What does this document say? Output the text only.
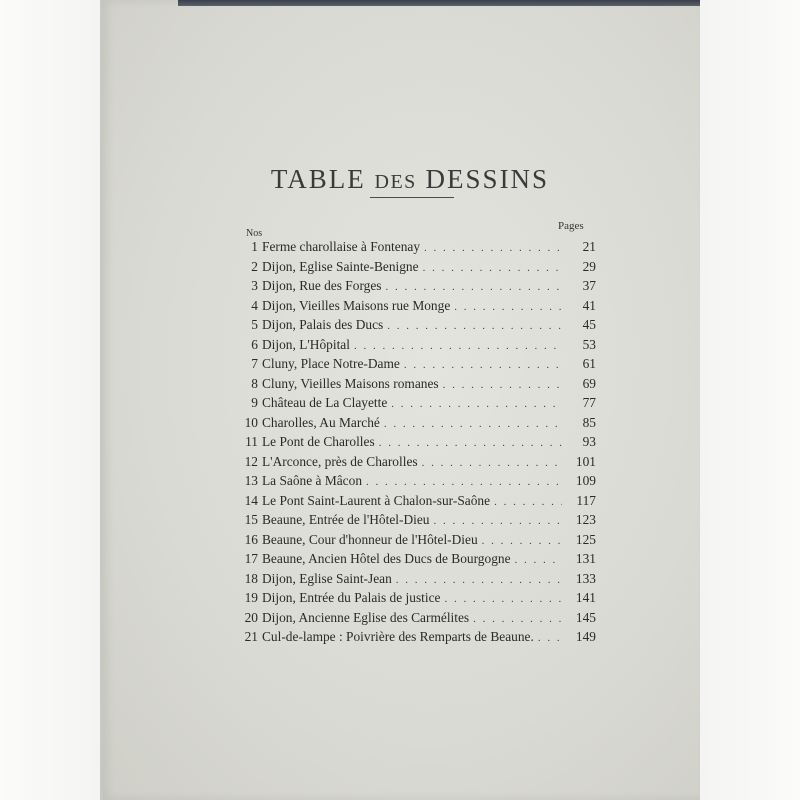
TABLE DES DESSINS
Nos
Pages
1 Ferme charollaise à Fontenay . . .	21
2 Dijon, Eglise Sainte-Benigne . . .	29
3 Dijon, Rue des Forges . . .	37
4 Dijon, Vieilles Maisons rue Monge . . .	41
5 Dijon, Palais des Ducs . . .	45
6 Dijon, L'Hôpital . . .	53
7 Cluny, Place Notre-Dame . . .	61
8 Cluny, Vieilles Maisons romanes . . .	69
9 Château de La Clayette . . .	77
10 Charolles, Au Marché . . .	85
11 Le Pont de Charolles . . .	93
12 L'Arconce, près de Charolles . . .	101
13 La Saône à Mâcon . . .	109
14 Le Pont Saint-Laurent à Chalon-sur-Saône . . .	117
15 Beaune, Entrée de l'Hôtel-Dieu . . .	123
16 Beaune, Cour d'honneur de l'Hôtel-Dieu . . .	125
17 Beaune, Ancien Hôtel des Ducs de Bourgogne . . .	131
18 Dijon, Eglise Saint-Jean . . .	133
19 Dijon, Entrée du Palais de justice . . .	141
20 Dijon, Ancienne Eglise des Carmélites . . .	145
21 Cul-de-lampe : Poivrière des Remparts de Beaune. . . .	149
